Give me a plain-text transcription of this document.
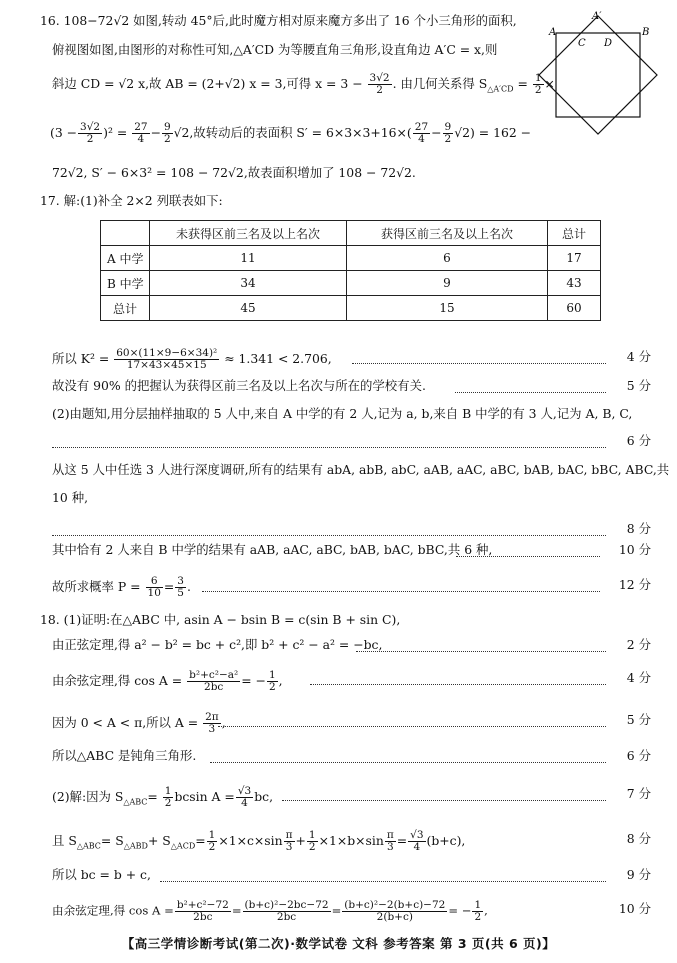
16. 108−72√2 如图,转动 45°后,此时魔方相对原来魔方多出了 16 个小三角形的面积,
俯视图如图,由图形的对称性可知,△A′CD 为等腰直角三角形,设直角边 A′C = x,则
斜边 CD = √2 x,故 AB = (2+√2) x = 3,可得 $x = 3 - \frac{3√2}{2}$ . 由几何关系得 $S_{\triangle A'CD} = \frac{1}{2}$ ×
$(3 - \frac{3√2}{2} )^2 = \frac{27}{4} - \frac{9}{2} √2$,故转动后的表面积 $S' = 6\times 3\times 3+16\times( \frac{27}{4} - \frac{9}{2} √2) = 162$ −
72√2, S′ − 6×3² = 108 − 72√2,故表面积增加了 108 − 72√2.
A′
A	B
C D
17. 解:(1)补全 2×2 列联表如下:
	未获得区前三名及以上名次	获得区前三名及以上名次	总计
A 中学	11	6	17
B 中学	34	9	43
总计	45	15	60
所以 $K^2 = \frac{\text{60×(11×9−6×34)²}}{17\times 43\times 45\times 15} \approx 1.341 < 2.706$,	4 分
故没有 90% 的把握认为获得区前三名及以上名次与所在的学校有关.	5 分
(2)由题知,用分层抽样抽取的 5 人中,来自 A 中学的有 2 人,记为 a, b,来自 B 中学的有 3 人,记为 A, B, C,
6 分
从这 5 人中任选 3 人进行深度调研,所有的结果有 abA, abB, abC, aAB, aAC, aBC, bAB, bAC, bBC, ABC,共
10 种,
8 分
其中恰有 2 人来自 B 中学的结果有 aAB, aAC, aBC, bAB, bAC, bBC,共 6 种,	10 分
故所求概率 $P = \frac{6}{10} = \frac{3}{5}$ .	12 分
18. (1)证明:在△ABC 中, asin A − bsin B = c(sin B + sin C),
由正弦定理,得 a² − b² = bc + c²,即 b² + c² − a² = −bc,	2 分
由余弦定理,得 $\cos A = \frac{\text{b²+c²−a²}}{2bc}$ = − $\frac{1}{2}$ ,	4 分
因为 0 < A < π,所以 $A = \frac{2\pi}{3}$ ,	5 分
所以△ABC 是钝角三角形.	6 分
(2)解:因为 $S_{\triangle ABC}= \frac{1}{2}$ bcsin $A = \frac{√3}{4}$ bc,	7 分
且 $S_{\triangle ABC}= S_{\triangle ABD}+ S_{\triangle ACD}= \frac{1}{2} \times 1\times c\times\sin \frac{\pi}{3} + \frac{1}{2} \times 1\times b\times\sin \frac{\pi}{3} = \frac{√3}{4} (b+c)$,	8 分
所以 bc = b + c,	9 分
由余弦定理,得 $\cos A = \frac{\text{b²+c²−72}}{2bc} = \frac{\text{(b+c)²−2bc−72}}{2bc} = \frac{\text{(b+c)²−2(b+c)−72}}{2(b+c)}$ = − $\frac{1}{2}$ ,	10 分
【高三学情诊断考试(第二次)·数学试卷 文科 参考答案 第 3 页(共 6 页)】
